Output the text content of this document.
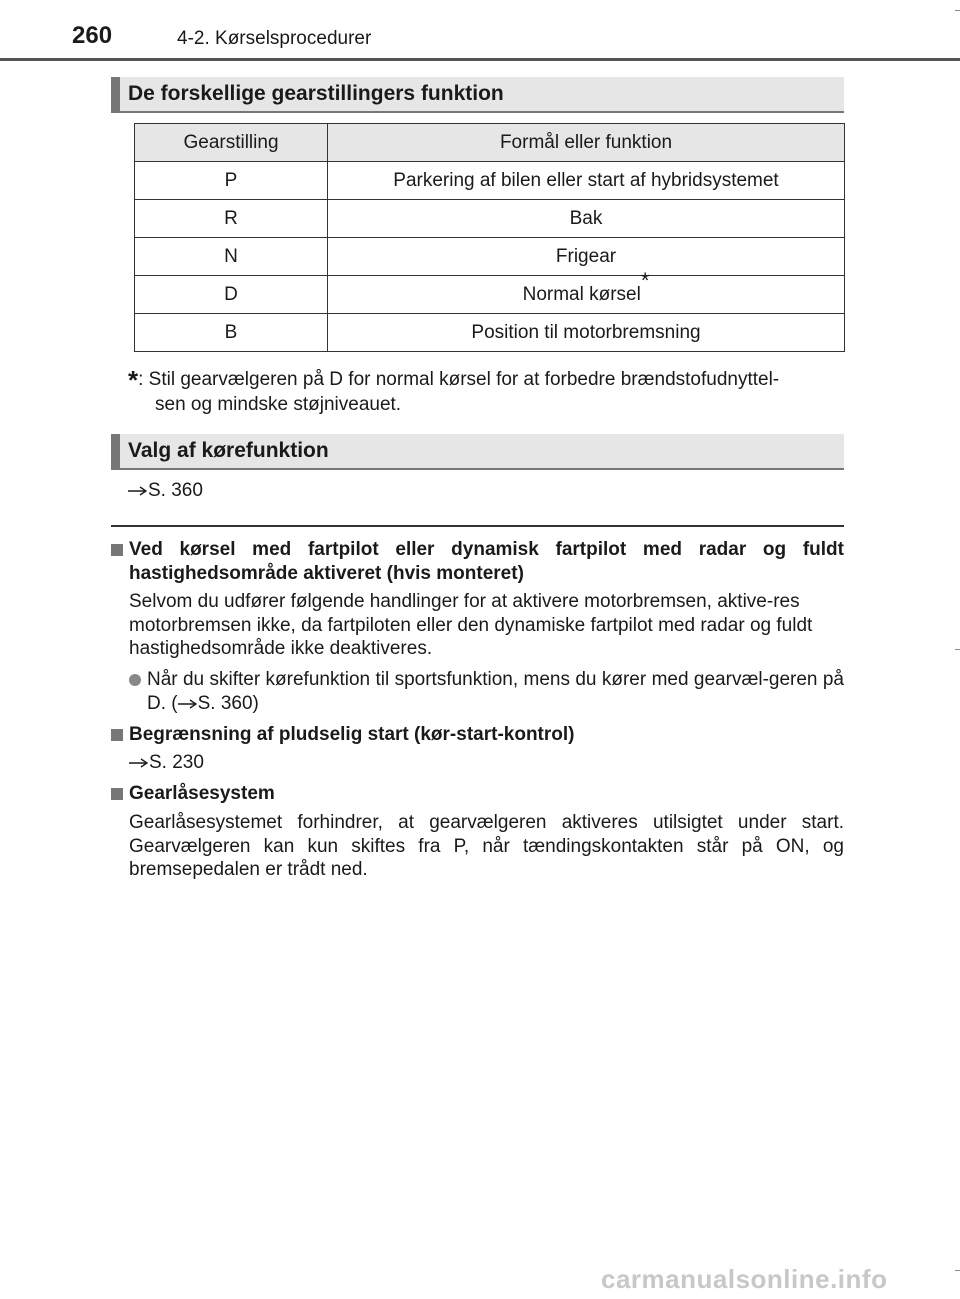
260	4-2. Kørselsprocedurer
De forskellige gearstillingers funktion
Gearstilling	Formål eller funktion
P	Parkering af bilen eller start af hybridsystemet
R	Bak
N	Frigear
D	Normal kørsel*
B	Position til motorbremsning
*: Stil gearvælgeren på D for normal kørsel for at forbedre brændstofudnyttel-
sen og mindske støjniveauet.
Valg af kørefunktion
S. 360
Ved kørsel med fartpilot eller dynamisk fartpilot med radar og fuldt hastighedsområde aktiveret (hvis monteret)
Selvom du udfører følgende handlinger for at aktivere motorbremsen, aktive-res motorbremsen ikke, da fartpiloten eller den dynamiske fartpilot med radar og fuldt hastighedsområde ikke deaktiveres.
Når du skifter kørefunktion til sportsfunktion, mens du kører med gearvæl-geren på D. ( S. 360)
Begrænsning af pludselig start (kør-start-kontrol)
S. 230
Gearlåsesystem
Gearlåsesystemet forhindrer, at gearvælgeren aktiveres utilsigtet under start. Gearvælgeren kan kun skiftes fra P, når tændingskontakten står på ON, og bremsepedalen er trådt ned.
carmanualsonline.info
